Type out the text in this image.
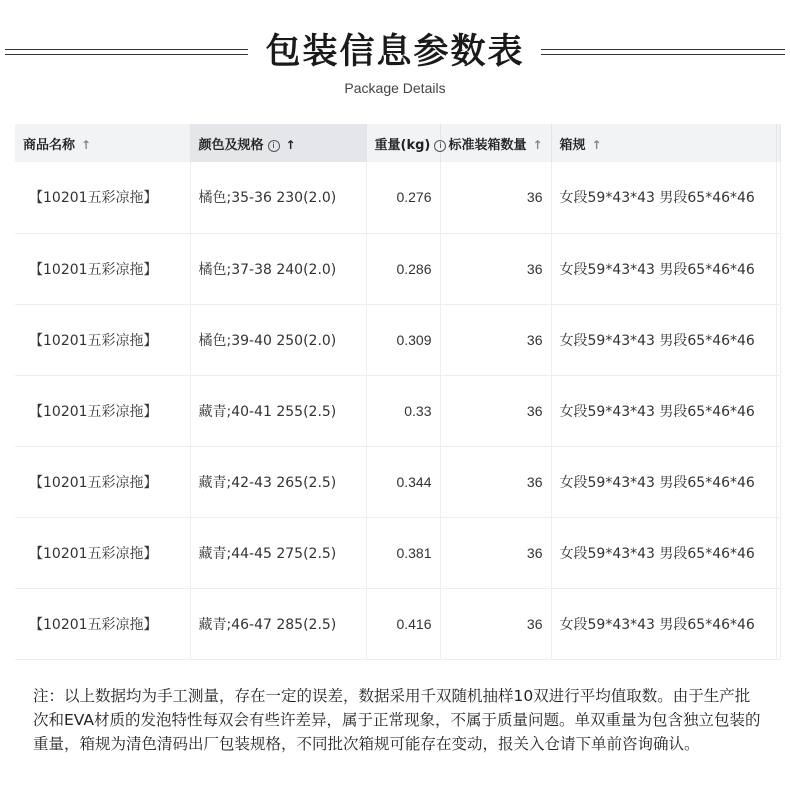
包装信息参数表
Package Details
商品名称 ↑	颜色及规格 i ↑	重量(kg) i	标准装箱数量 ↑	箱规 ↑	
【10201五彩凉拖】	橘色;35-36 230(2.0)	0.276	36	女段59*43*43 男段65*46*46	
【10201五彩凉拖】	橘色;37-38 240(2.0)	0.286	36	女段59*43*43 男段65*46*46	
【10201五彩凉拖】	橘色;39-40 250(2.0)	0.309	36	女段59*43*43 男段65*46*46	
【10201五彩凉拖】	藏青;40-41 255(2.5)	0.33	36	女段59*43*43 男段65*46*46	
【10201五彩凉拖】	藏青;42-43 265(2.5)	0.344	36	女段59*43*43 男段65*46*46	
【10201五彩凉拖】	藏青;44-45 275(2.5)	0.381	36	女段59*43*43 男段65*46*46	
【10201五彩凉拖】	藏青;46-47 285(2.5)	0.416	36	女段59*43*43 男段65*46*46	
注：以上数据均为手工测量，存在一定的误差，数据采用千双随机抽样10双进行平均值取数。由于生产批次和EVA材质的发泡特性每双会有些许差异，属于正常现象，不属于质量问题。单双重量为包含独立包装的重量，箱规为清色清码出厂包装规格，不同批次箱规可能存在变动，报关入仓请下单前咨询确认。
